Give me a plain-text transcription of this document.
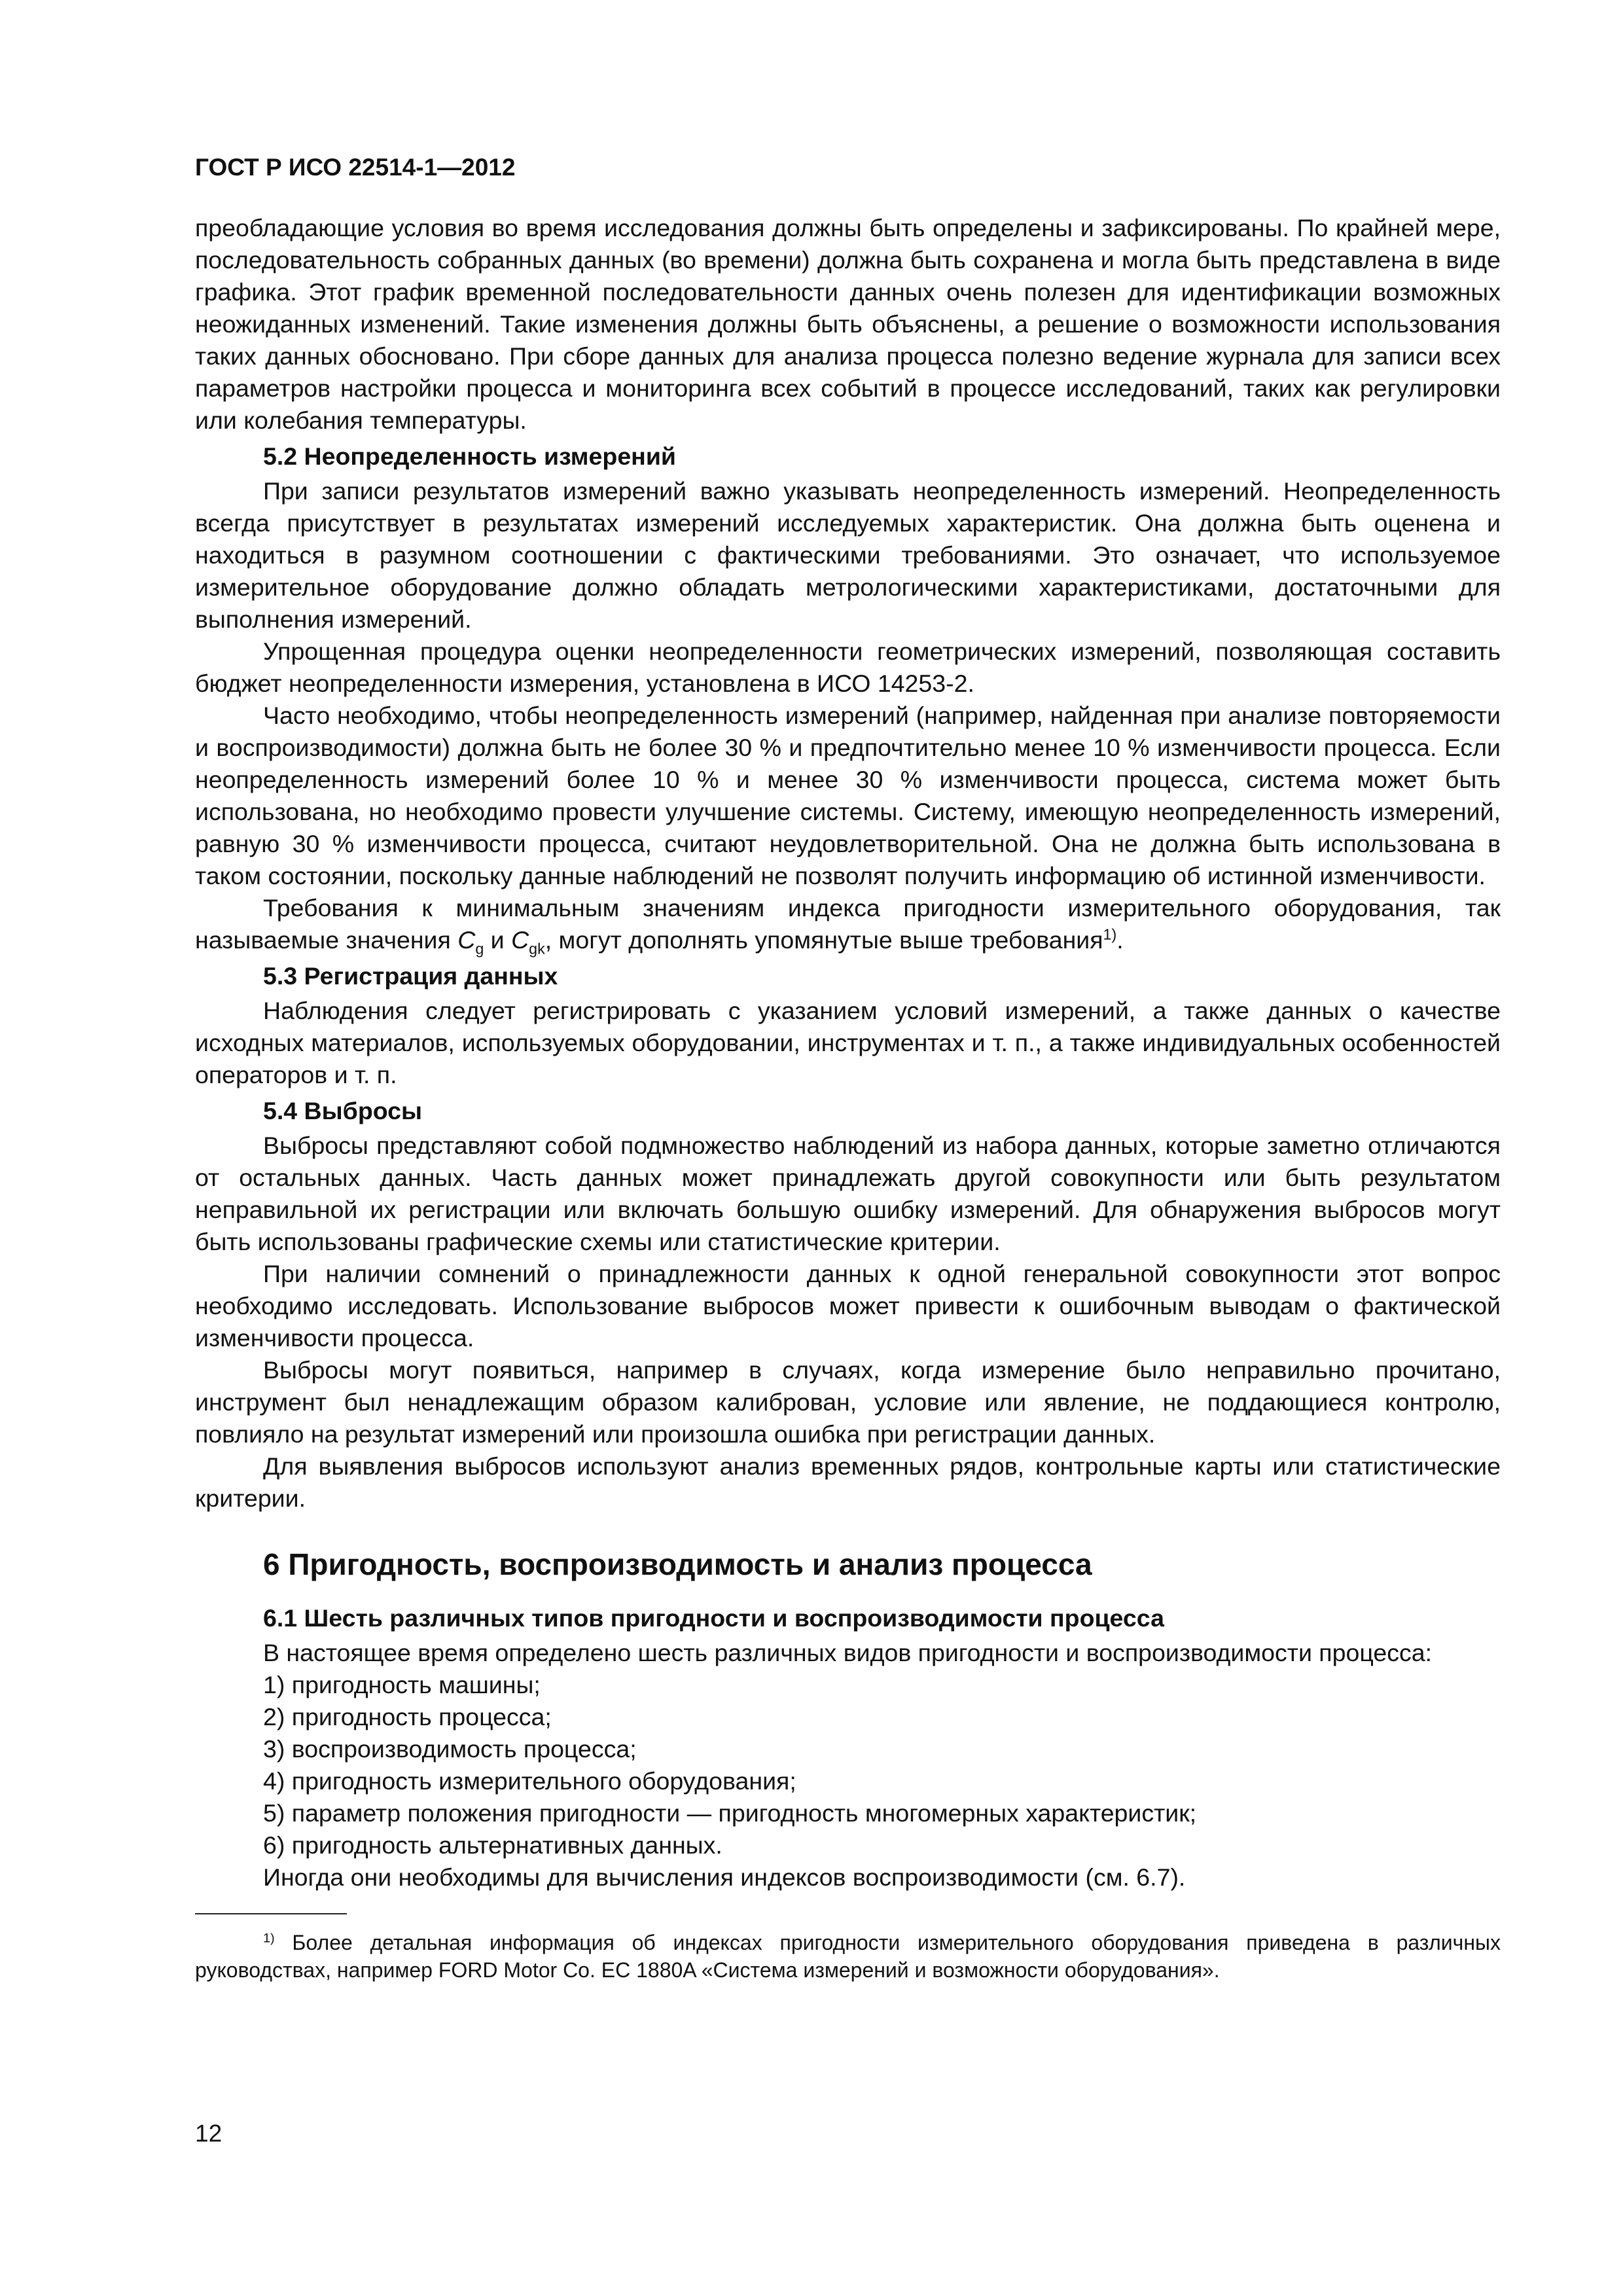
ГОСТ Р ИСО 22514-1—2012

преобладающие условия во время исследования должны быть определены и зафиксированы. По крайней мере, последовательность собранных данных (во времени) должна быть сохранена и могла быть представлена в виде графика. Этот график временной последовательности данных очень полезен для идентификации возможных неожиданных изменений. Такие изменения должны быть объяснены, а решение о возможности использования таких данных обосновано. При сборе данных для анализа процесса полезно ведение журнала для записи всех параметров настройки процесса и мониторинга всех событий в процессе исследований, таких как регулировки или колебания температуры.

5.2 Неопределенность измерений

При записи результатов измерений важно указывать неопределенность измерений. Неопределенность всегда присутствует в результатах измерений исследуемых характеристик. Она должна быть оценена и находиться в разумном соотношении с фактическими требованиями. Это означает, что используемое измерительное оборудование должно обладать метрологическими характеристиками, достаточными для выполнения измерений.

Упрощенная процедура оценки неопределенности геометрических измерений, позволяющая составить бюджет неопределенности измерения, установлена в ИСО 14253-2.

Часто необходимо, чтобы неопределенность измерений (например, найденная при анализе повторяемости и воспроизводимости) должна быть не более 30 % и предпочтительно менее 10 % изменчивости процесса. Если неопределенность измерений более 10 % и менее 30 % изменчивости процесса, система может быть использована, но необходимо провести улучшение системы. Систему, имеющую неопределенность измерений, равную 30 % изменчивости процесса, считают неудовлетворительной. Она не должна быть использована в таком состоянии, поскольку данные наблюдений не позволят получить информацию об истинной изменчивости.

Требования к минимальным значениям индекса пригодности измерительного оборудования, так называемые значения $C_g$ и $C_{gk}$, могут дополнять упомянутые выше требования$^{1)}$.

5.3 Регистрация данных

Наблюдения следует регистрировать с указанием условий измерений, а также данных о качестве исходных материалов, используемых оборудовании, инструментах и т. п., а также индивидуальных особенностей операторов и т. п.

5.4 Выбросы

Выбросы представляют собой подмножество наблюдений из набора данных, которые заметно отличаются от остальных данных. Часть данных может принадлежать другой совокупности или быть результатом неправильной их регистрации или включать большую ошибку измерений. Для обнаружения выбросов могут быть использованы графические схемы или статистические критерии.

При наличии сомнений о принадлежности данных к одной генеральной совокупности этот вопрос необходимо исследовать. Использование выбросов может привести к ошибочным выводам о фактической изменчивости процесса.

Выбросы могут появиться, например в случаях, когда измерение было неправильно прочитано, инструмент был ненадлежащим образом калиброван, условие или явление, не поддающиеся контролю, повлияло на результат измерений или произошла ошибка при регистрации данных.

Для выявления выбросов используют анализ временных рядов, контрольные карты или статистические критерии.

6 Пригодность, воспроизводимость и анализ процесса
6.1 Шесть различных типов пригодности и воспроизводимости процесса

В настоящее время определено шесть различных видов пригодности и воспроизводимости процесса:

1) пригодность машины;
2) пригодность процесса;
3) воспроизводимость процесса;
4) пригодность измерительного оборудования;
5) параметр положения пригодности — пригодность многомерных характеристик;
6) пригодность альтернативных данных.

Иногда они необходимы для вычисления индексов воспроизводимости (см. 6.7).

$^{1)}$ Более детальная информация об индексах пригодности измерительного оборудования приведена в различных руководствах, например FORD Motor Co. EC 1880A «Система измерений и возможности оборудования».

12
